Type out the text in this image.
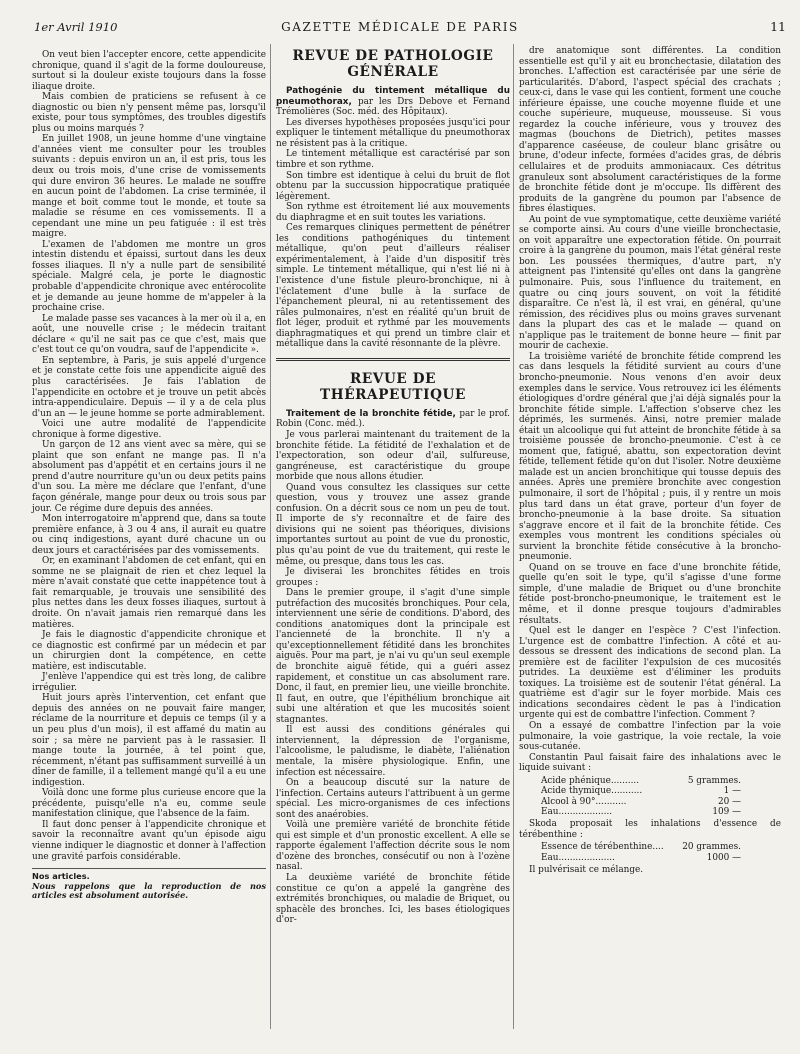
1er Avril 1910	GAZETTE MÉDICALE DE PARIS	11

On veut bien l'accepter encore, cette appendicite chronique, quand il s'agit de la forme douloureuse, surtout si la douleur existe toujours dans la fosse iliaque droite.

Mais combien de praticiens se refusent à ce diagnostic ou bien n'y pensent même pas, lorsqu'il existe, pour tous symptômes, des troubles digestifs plus ou moins marqués ?

En juillet 1908, un jeune homme d'une vingtaine d'années vient me consulter pour les troubles suivants : depuis environ un an, il est pris, tous les deux ou trois mois, d'une crise de vomissements qui dure environ 36 heures. Le malade ne souffre en aucun point de l'abdomen. La crise terminée, il mange et boit comme tout le monde, et toute sa maladie se résume en ces vomissements. Il a cependant une mine un peu fatiguée : il est très maigre.

L'examen de l'abdomen me montre un gros intestin distendu et épaissi, surtout dans les deux fosses iliaques. Il n'y a nulle part de sensibilité spéciale. Malgré cela, je porte le diagnostic probable d'appendicite chronique avec entérocolite et je demande au jeune homme de m'appeler à la prochaine crise.

Le malade passe ses vacances à la mer où il a, en août, une nouvelle crise ; le médecin traitant déclare « qu'il ne sait pas ce que c'est, mais que c'est tout ce qu'on voudra, sauf de l'appendicite ».

En septembre, à Paris, je suis appelé d'urgence et je constate cette fois une appendicite aiguë des plus caractérisées. Je fais l'ablation de l'appendicite en octobre et je trouve un petit abcès intra-appendiculaire. Depuis — il y a de cela plus d'un an — le jeune homme se porte admirablement.

Voici une autre modalité de l'appendicite chronique à forme digestive.

Un garçon de 12 ans vient avec sa mère, qui se plaint que son enfant ne mange pas. Il n'a absolument pas d'appétit et en certains jours il ne prend d'autre nourriture qu'un ou deux petits pains d'un sou. La mère me déclare que l'enfant, d'une façon générale, mange pour deux ou trois sous par jour. Ce régime dure depuis des années.

Mon interrogatoire m'apprend que, dans sa toute première enfance, à 3 ou 4 ans, il aurait eu quatre ou cinq indigestions, ayant duré chacune un ou deux jours et caractérisées par des vomissements.

Or, en examinant l'abdomen de cet enfant, qui en somme ne se plaignait de rien et chez lequel la mère n'avait constaté que cette inappétence tout à fait remarquable, je trouvais une sensibilité des plus nettes dans les deux fosses iliaques, surtout à droite. On n'avait jamais rien remarqué dans les matières.

Je fais le diagnostic d'appendicite chronique et ce diagnostic est confirmé par un médecin et par un chirurgien dont la compétence, en cette matière, est indiscutable.

J'enlève l'appendice qui est très long, de calibre irrégulier.

Huit jours après l'intervention, cet enfant que depuis des années on ne pouvait faire manger, réclame de la nourriture et depuis ce temps (il y a un peu plus d'un mois), il est affamé du matin au soir ; sa mère ne parvient pas à le rassasier. Il mange toute la journée, à tel point que, récemment, n'étant pas suffisamment surveillé à un dîner de famille, il a tellement mangé qu'il a eu une indigestion.

Voilà donc une forme plus curieuse encore que la précédente, puisqu'elle n'a eu, comme seule manifestation clinique, que l'absence de la faim.

Il faut donc penser à l'appendicite chronique et savoir la reconnaître avant qu'un épisode aigu vienne indiquer le diagnostic et donner à l'affection une gravité parfois considérable.

Nos articles.
Nous rappelons que la reproduction de nos articles est absolument autorisée.
REVUE DE PATHOLOGIE GÉNÉRALE

Pathogénie du tintement métallique du pneumothorax, par les Drs Debove et Fernand Trémolières (Soc. méd. des Hôpitaux).

Les diverses hypothèses proposées jusqu'ici pour expliquer le tintement métallique du pneumothorax ne résistent pas à la critique.

Le tintement métallique est caractérisé par son timbre et son rythme.

Son timbre est identique à celui du bruit de flot obtenu par la succussion hippocratique pratiquée légèrement.

Son rythme est étroitement lié aux mouvements du diaphragme et en suit toutes les variations.

Ces remarques cliniques permettent de pénétrer les conditions pathogéniques du tintement métallique, qu'on peut d'ailleurs réaliser expérimentalement, à l'aide d'un dispositif très simple. Le tintement métallique, qui n'est lié ni à l'existence d'une fistule pleuro-bronchique, ni à l'éclatement d'une bulle à la surface de l'épanchement pleural, ni au retentissement des râles pulmonaires, n'est en réalité qu'un bruit de flot léger, produit et rythmé par les mouvements diaphragmatiques et qui prend un timbre clair et métallique dans la cavité résonnante de la plèvre.

REVUE DE THÉRAPEUTIQUE

Traitement de la bronchite fétide, par le prof. Robin (Conc. méd.).

Je vous parlerai maintenant du traitement de la bronchite fétide. La fétidité de l'exhalation et de l'expectoration, son odeur d'ail, sulfureuse, gangréneuse, est caractéristique du groupe morbide que nous allons étudier.

Quand vous consultez les classiques sur cette question, vous y trouvez une assez grande confusion. On a décrit sous ce nom un peu de tout. Il importe de s'y reconnaître et de faire des divisions qui ne soient pas théoriques, divisions importantes surtout au point de vue du pronostic, plus qu'au point de vue du traitement, qui reste le même, ou presque, dans tous les cas.

Je diviserai les bronchites fétides en trois groupes :

Dans le premier groupe, il s'agit d'une simple putréfaction des mucosités bronchiques. Pour cela, interviennent une série de conditions. D'abord, des conditions anatomiques dont la principale est l'ancienneté de la bronchite. Il n'y a qu'exceptionnellement fétidité dans les bronchites aiguës. Pour ma part, je n'ai vu qu'un seul exemple de bronchite aiguë fétide, qui a guéri assez rapidement, et constitue un cas absolument rare. Donc, il faut, en premier lieu, une vieille bronchite. Il faut, en outre, que l'épithélium bronchique ait subi une altération et que les mucosités soient stagnantes.

Il est aussi des conditions générales qui interviennent, la dépression de l'organisme, l'alcoolisme, le paludisme, le diabète, l'aliénation mentale, la misère physiologique. Enfin, une infection est nécessaire.

On a beaucoup discuté sur la nature de l'infection. Certains auteurs l'attribuent à un germe spécial. Les micro-organismes de ces infections sont des anaérobies.

Voilà une première variété de bronchite fétide qui est simple et d'un pronostic excellent. A elle se rapporte également l'affection décrite sous le nom d'ozène des bronches, consécutif ou non à l'ozène nasal.

La deuxième variété de bronchite fétide constitue ce qu'on a appelé la gangrène des extrémités bronchiques, ou maladie de Briquet, ou sphacèle des bronches. Ici, les bases étiologiques d'or-

dre anatomique sont différentes. La condition essentielle est qu'il y ait eu bronchectasie, dilatation des bronches. L'affection est caractérisée par une série de particularités. D'abord, l'aspect spécial des crachats ; ceux-ci, dans le vase qui les contient, forment une couche inférieure épaisse, une couche moyenne fluide et une couche supérieure, muqueuse, mousseuse. Si vous regardez la couche inférieure, vous y trouvez des magmas (bouchons de Dietrich), petites masses d'apparence caséeuse, de couleur blanc grisâtre ou brune, d'odeur infecte, formées d'acides gras, de débris cellulaires et de produits ammoniacaux. Ces détritus granuleux sont absolument caractéristiques de la forme de bronchite fétide dont je m'occupe. Ils diffèrent des produits de la gangrène du poumon par l'absence de fibres élastiques.

Au point de vue symptomatique, cette deuxième variété se comporte ainsi. Au cours d'une vieille bronchectasie, on voit apparaître une expectoration fétide. On pourrait croire à la gangrène du poumon, mais l'état général reste bon. Les poussées thermiques, d'autre part, n'y atteignent pas l'intensité qu'elles ont dans la gangrène pulmonaire. Puis, sous l'influence du traitement, en quatre ou cinq jours souvent, on voit la fétidité disparaître. Ce n'est là, il est vrai, en général, qu'une rémission, des récidives plus ou moins graves survenant dans la plupart des cas et le malade — quand on n'applique pas le traitement de bonne heure — finit par mourir de cachexie.

La troisième variété de bronchite fétide comprend les cas dans lesquels la fétidité survient au cours d'une broncho-pneumonie. Nous venons d'en avoir deux exemples dans le service. Vous retrouvez ici les éléments étiologiques d'ordre général que j'ai déjà signalés pour la bronchite fétide simple. L'affection s'observe chez les déprimés, les surmenés. Ainsi, notre premier malade était un alcoolique qui fut atteint de bronchite fétide à sa troisième poussée de broncho-pneumonie. C'est à ce moment que, fatigué, abattu, son expectoration devint fétide, tellement fétide qu'on dut l'isoler. Notre deuxième malade est un ancien bronchitique qui tousse depuis des années. Après une première bronchite avec congestion pulmonaire, il sort de l'hôpital ; puis, il y rentre un mois plus tard dans un état grave, porteur d'un foyer de broncho-pneumonie à la base droite. Sa situation s'aggrave encore et il fait de la bronchite fétide. Ces exemples vous montrent les conditions spéciales où survient la bronchite fétide consécutive à la broncho-pneumonie.

Quand on se trouve en face d'une bronchite fétide, quelle qu'en soit le type, qu'il s'agisse d'une forme simple, d'une maladie de Briquet ou d'une bronchite fétide post-broncho-pneumonique, le traitement est le même, et il donne presque toujours d'admirables résultats.

Quel est le danger en l'espèce ? C'est l'infection. L'urgence est de combattre l'infection. A côté et au-dessous se dressent des indications de second plan. La première est de faciliter l'expulsion de ces mucosités putrides. La deuxième est d'éliminer les produits toxiques. La troisième est de soutenir l'état général. La quatrième est d'agir sur le foyer morbide. Mais ces indications secondaires cèdent le pas à l'indication urgente qui est de combattre l'infection. Comment ?

On a essayé de combattre l'infection par la voie pulmonaire, la voie gastrique, la voie rectale, la voie sous-cutanée.

Constantin Paul faisait faire des inhalations avec le liquide suivant :

Acide phénique..........	5 grammes.
Acide thymique...........	1 —
Alcool à 90°...........	20 —
Eau...................	109 —

Skoda proposait les inhalations d'essence de térébenthine :

Essence de térébenthine....	20 grammes.
Eau....................	1000 —

Il pulvérisait ce mélange.
